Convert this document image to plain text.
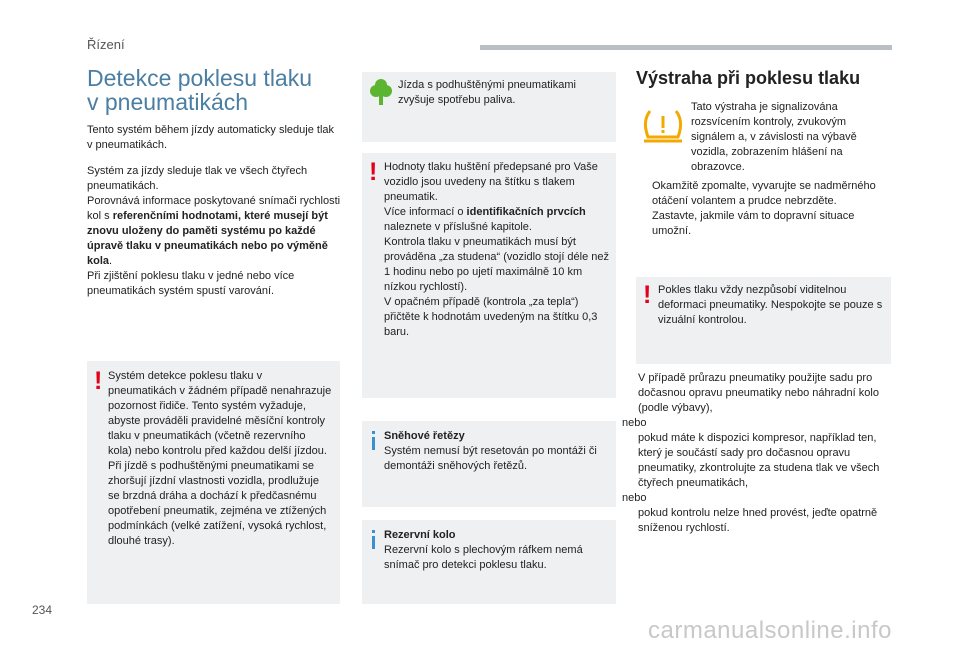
Řízení
Detekce poklesu tlaku
v pneumatikách

Tento systém během jízdy automaticky sleduje tlak v pneumatikách.

Systém za jízdy sleduje tlak ve všech čtyřech pneumatikách.

Porovnává informace poskytované snímači rychlosti kol s referenčními hodnotami, které musejí být znovu uloženy do paměti systému po každé úpravě tlaku v pneumatikách nebo po výměně kola.

Při zjištění poklesu tlaku v jedné nebo více pneumatikách systém spustí varování.

! Systém detekce poklesu tlaku v pneumatikách v žádném případě nenahrazuje pozornost řidiče. Tento systém vyžaduje, abyste prováděli pravidelné měsíční kontroly tlaku v pneumatikách (včetně rezervního kola) nebo kontrolu před každou delší jízdou. Při jízdě s podhuštěnými pneumatikami se zhoršují jízdní vlastnosti vozidla, prodlužuje se brzdná dráha a dochází k předčasnému opotřebení pneumatik, zejména ve ztížených podmínkách (velké zatížení, vysoká rychlost, dlouhé trasy).
Jízda s podhuštěnými pneumatikami zvyšuje spotřebu paliva.
! Hodnoty tlaku huštění předepsané pro Vaše vozidlo jsou uvedeny na štítku s tlakem pneumatik.

Více informací o identifikačních prvcích naleznete v příslušné kapitole.

Kontrola tlaku v pneumatikách musí být prováděna „za studena“ (vozidlo stojí déle než 1 hodinu nebo po ujetí maximálně 10 km nízkou rychlostí).

V opačném případě (kontrola „za tepla“) přičtěte k hodnotám uvedeným na štítku 0,3 baru.

Sněhové řetězy

Systém nemusí být resetován po montáži či demontáži sněhových řetězů.

Rezervní kolo

Rezervní kolo s plechovým ráfkem nemá snímač pro detekci poklesu tlaku.

Výstraha při poklesu tlaku
Tato výstraha je signalizována rozsvícením kontroly, zvukovým signálem a, v závislosti na výbavě vozidla, zobrazením hlášení na obrazovce.
Okamžitě zpomalte, vyvarujte se nadměrného otáčení volantem a prudce nebrzděte.
Zastavte, jakmile vám to dopravní situace umožní.
! Pokles tlaku vždy nezpůsobí viditelnou deformaci pneumatiky. Nespokojte se pouze s vizuální kontrolou.
V případě průrazu pneumatiky použijte sadu pro dočasnou opravu pneumatiky nebo náhradní kolo (podle výbavy),
nebo
pokud máte k dispozici kompresor, například ten, který je součástí sady pro dočasnou opravu pneumatiky, zkontrolujte za studena tlak ve všech čtyřech pneumatikách,
nebo
pokud kontrolu nelze hned provést, jeďte opatrně sníženou rychlostí.
234
carmanualsonline.info
